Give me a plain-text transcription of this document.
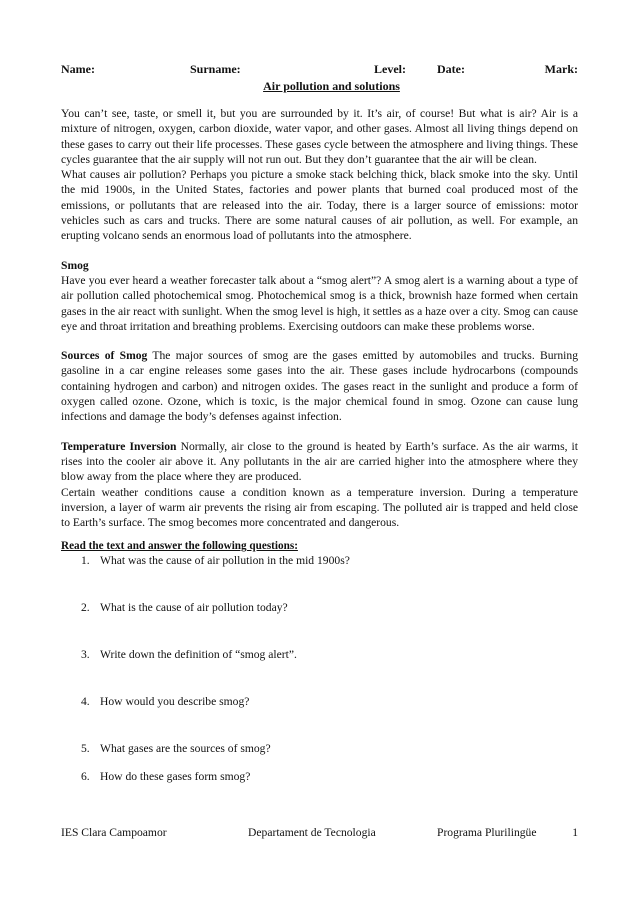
Name:	Surname:	Level:	Date:	Mark:
Air pollution and solutions

You can’t see, taste, or smell it, but you are surrounded by it. It’s air, of course! But what is air? Air is a mixture of nitrogen, oxygen, carbon dioxide, water vapor, and other gases. Almost all living things depend on these gases to carry out their life processes. These gases cycle between the atmosphere and living things. These cycles guarantee that the air supply will not run out. But they don’t guarantee that the air will be clean.

What causes air pollution? Perhaps you picture a smoke stack belching thick, black smoke into the sky. Until the mid 1900s, in the United States, factories and power plants that burned coal produced most of the emissions, or pollutants that are released into the air. Today, there is a larger source of emissions: motor vehicles such as cars and trucks. There are some natural causes of air pollution, as well. For example, an erupting volcano sends an enormous load of pollutants into the atmosphere.

Smog

Have you ever heard a weather forecaster talk about a “smog alert”? A smog alert is a warning about a type of air pollution called photochemical smog. Photochemical smog is a thick, brownish haze formed when certain gases in the air react with sunlight. When the smog level is high, it settles as a haze over a city. Smog can cause eye and throat irritation and breathing problems. Exercising outdoors can make these problems worse.

Sources of Smog The major sources of smog are the gases emitted by automobiles and trucks. Burning gasoline in a car engine releases some gases into the air. These gases include hydrocarbons (compounds containing hydrogen and carbon) and nitrogen oxides. The gases react in the sunlight and produce a form of oxygen called ozone. Ozone, which is toxic, is the major chemical found in smog. Ozone can cause lung infections and damage the body’s defenses against infection.

Temperature Inversion Normally, air close to the ground is heated by Earth’s surface. As the air warms, it rises into the cooler air above it. Any pollutants in the air are carried higher into the atmosphere where they blow away from the place where they are produced.

Certain weather conditions cause a condition known as a temperature inversion. During a temperature inversion, a layer of warm air prevents the rising air from escaping. The polluted air is trapped and held close to Earth’s surface. The smog becomes more concentrated and dangerous.

Read the text and answer the following questions:
1. What was the cause of air pollution in the mid 1900s?
2. What is the cause of air pollution today?
3. Write down the definition of “smog alert”.
4. How would you describe smog?
5. What gases are the sources of smog?
6. How do these gases form smog?
IES Clara Campoamor	Departament de Tecnologia	Programa Plurilingüe	1
